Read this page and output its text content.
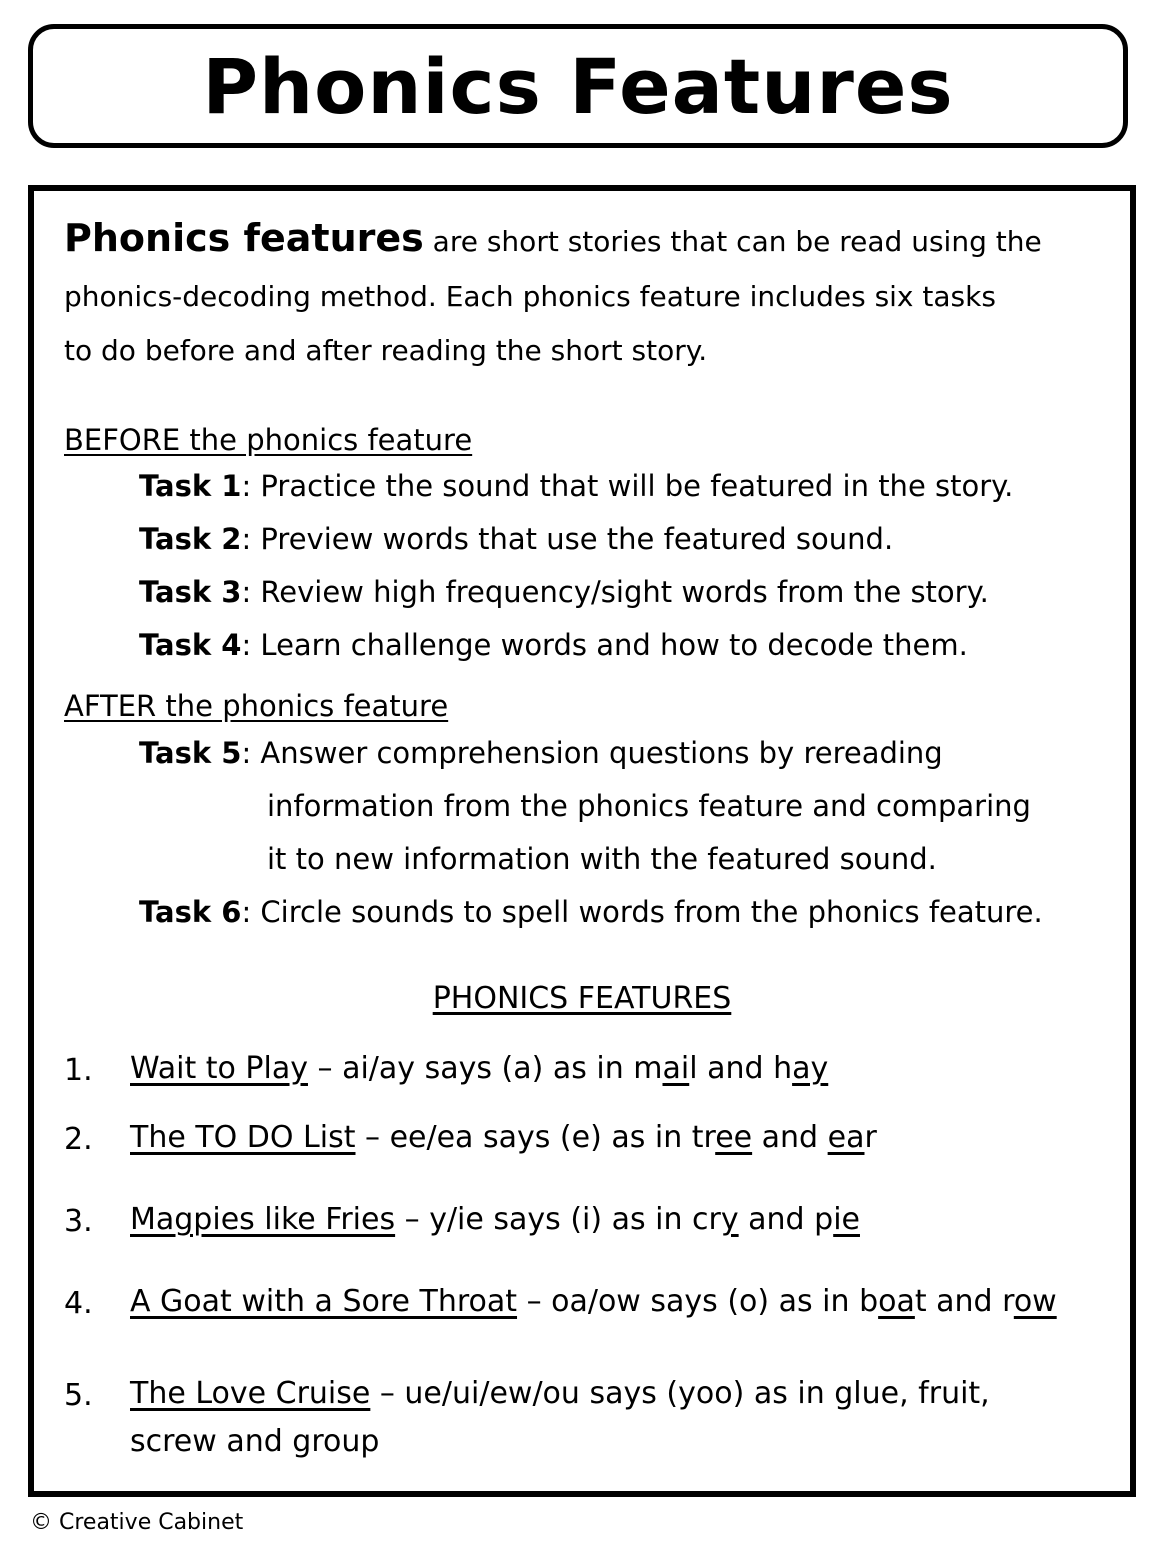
Phonics Features
Phonics features are short stories that can be read using the
phonics-decoding method. Each phonics feature includes six tasks
to do before and after reading the short story.
BEFORE the phonics feature
Task 1: Practice the sound that will be featured in the story.
Task 2: Preview words that use the featured sound.
Task 3: Review high frequency/sight words from the story.
Task 4: Learn challenge words and how to decode them.
AFTER the phonics feature
Task 5: Answer comprehension questions by rereading
information from the phonics feature and comparing
it to new information with the featured sound.
Task 6: Circle sounds to spell words from the phonics feature.
PHONICS FEATURES
1. Wait to Play – ai/ay says (a) as in mail and hay
2. The TO DO List – ee/ea says (e) as in tree and ear
3. Magpies like Fries – y/ie says (i) as in cry and pie
4. A Goat with a Sore Throat – oa/ow says (o) as in boat and row
5. The Love Cruise – ue/ui/ew/ou says (yoo) as in glue, fruit,
screw and group
© Creative Cabinet
